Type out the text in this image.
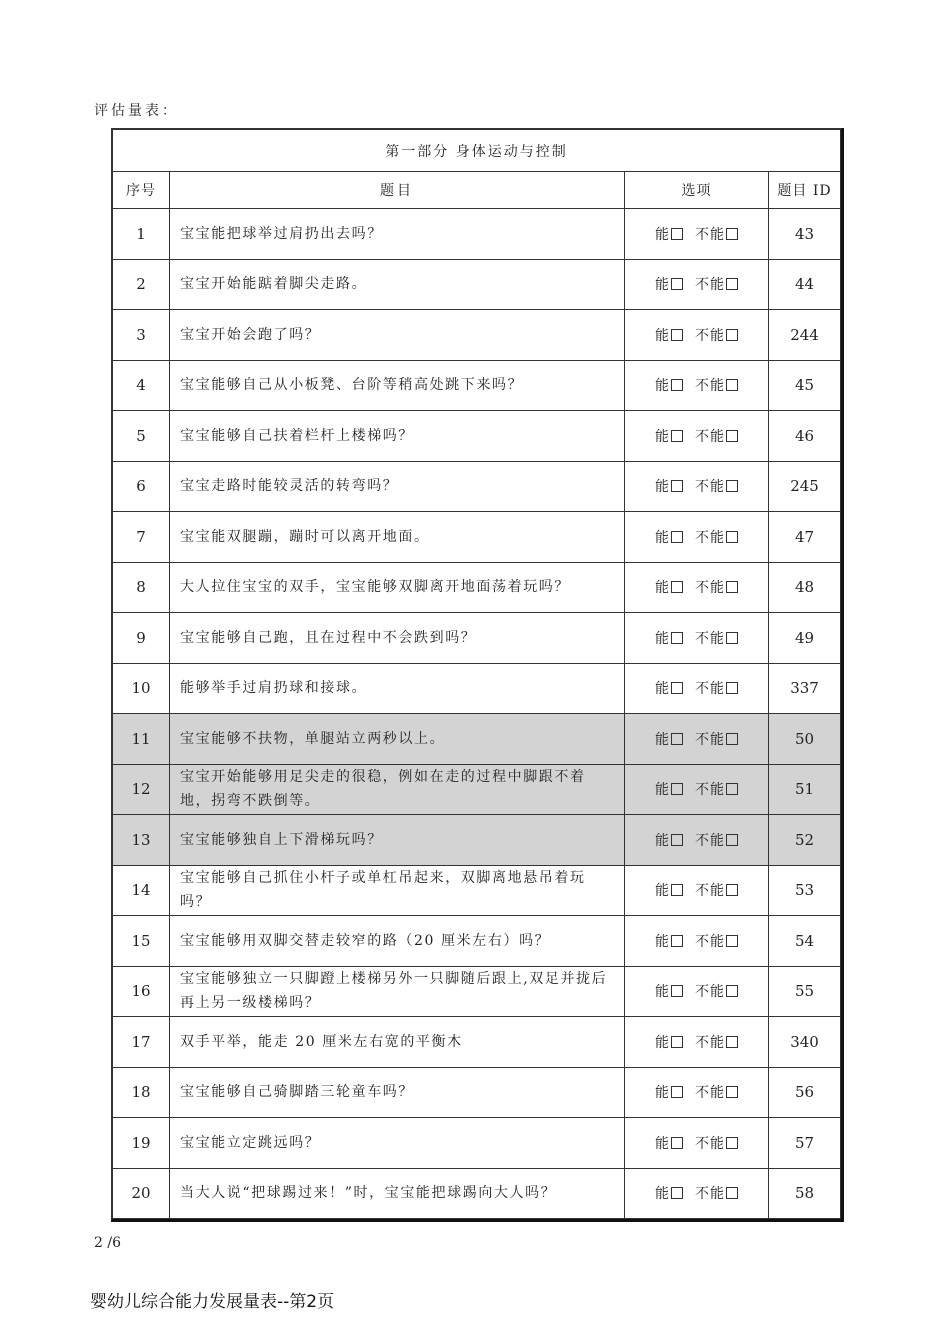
评估量表：
第一部分 身体运动与控制			
序号	题目	选项	题目 ID
1	宝宝能把球举过肩扔出去吗？	能 不能	43
2	宝宝开始能踮着脚尖走路。	能 不能	44
3	宝宝开始会跑了吗？	能 不能	244
4	宝宝能够自己从小板凳、台阶等稍高处跳下来吗？	能 不能	45
5	宝宝能够自己扶着栏杆上楼梯吗？	能 不能	46
6	宝宝走路时能较灵活的转弯吗？	能 不能	245
7	宝宝能双腿蹦，蹦时可以离开地面。	能 不能	47
8	大人拉住宝宝的双手，宝宝能够双脚离开地面荡着玩吗？	能 不能	48
9	宝宝能够自己跑，且在过程中不会跌到吗？	能 不能	49
10	能够举手过肩扔球和接球。	能 不能	337
11	宝宝能够不扶物，单腿站立两秒以上。	能 不能	50
12	宝宝开始能够用足尖走的很稳，例如在走的过程中脚跟不着地，拐弯不跌倒等。	能 不能	51
13	宝宝能够独自上下滑梯玩吗？	能 不能	52
14	宝宝能够自己抓住小杆子或单杠吊起来，双脚离地悬吊着玩吗？	能 不能	53
15	宝宝能够用双脚交替走较窄的路（20 厘米左右）吗？	能 不能	54
16	宝宝能够独立一只脚蹬上楼梯另外一只脚随后跟上,双足并拢后再上另一级楼梯吗？	能 不能	55
17	双手平举，能走 20 厘米左右宽的平衡木	能 不能	340
18	宝宝能够自己骑脚踏三轮童车吗？	能 不能	56
19	宝宝能立定跳远吗？	能 不能	57
20	当大人说“把球踢过来！”时，宝宝能把球踢向大人吗？	能 不能	58
2 /6
婴幼儿综合能力发展量表--第2页
